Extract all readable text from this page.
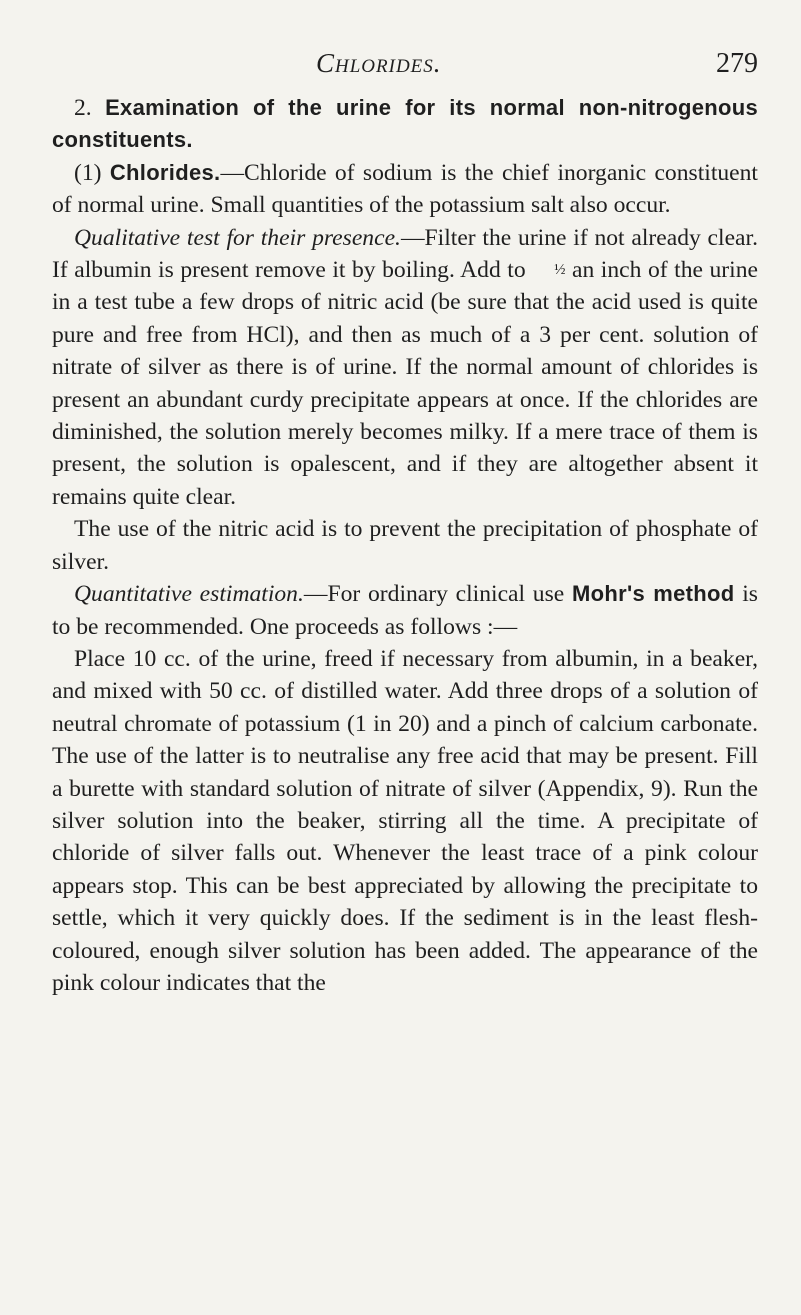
Chlorides.	279

2. Examination of the urine for its normal non-nitrogenous constituents.

(1) Chlorides.—Chloride of sodium is the chief inorganic constituent of normal urine. Small quantities of the potassium salt also occur.

Qualitative test for their presence.—Filter the urine if not already clear. If albumin is present remove it by boiling. Add to ½ an inch of the urine in a test tube a few drops of nitric acid (be sure that the acid used is quite pure and free from HCl), and then as much of a 3 per cent. solution of nitrate of silver as there is of urine. If the normal amount of chlorides is present an abundant curdy precipitate appears at once. If the chlorides are diminished, the solution merely becomes milky. If a mere trace of them is present, the solution is opalescent, and if they are altogether absent it remains quite clear.

The use of the nitric acid is to prevent the precipitation of phosphate of silver.

Quantitative estimation.—For ordinary clinical use Mohr's method is to be recommended. One proceeds as follows :—

Place 10 cc. of the urine, freed if necessary from albumin, in a beaker, and mixed with 50 cc. of distilled water. Add three drops of a solution of neutral chromate of potassium (1 in 20) and a pinch of calcium carbonate. The use of the latter is to neutralise any free acid that may be present. Fill a burette with standard solution of nitrate of silver (Appendix, 9). Run the silver solution into the beaker, stirring all the time. A precipitate of chloride of silver falls out. Whenever the least trace of a pink colour appears stop. This can be best appreciated by allowing the precipitate to settle, which it very quickly does. If the sediment is in the least flesh-coloured, enough silver solution has been added. The appearance of the pink colour indicates that the
